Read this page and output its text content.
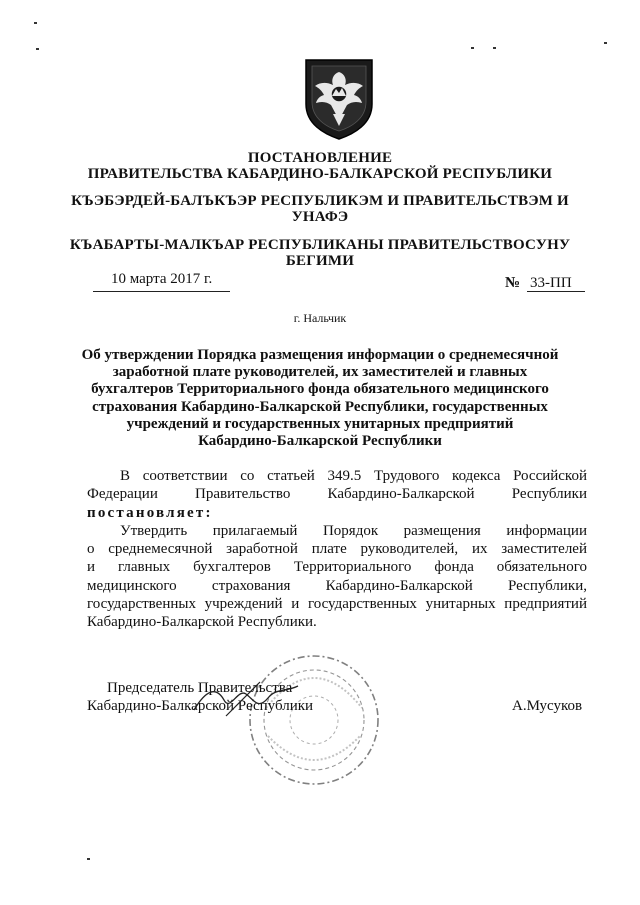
ПОСТАНОВЛЕНИЕ
ПРАВИТЕЛЬСТВА КАБАРДИНО-БАЛКАРСКОЙ РЕСПУБЛИКИ
КЪЭБЭРДЕЙ-БАЛЪКЪЭР РЕСПУБЛИКЭМ И ПРАВИТЕЛЬСТВЭМ И
УНАФЭ
КЪАБАРТЫ-МАЛКЪАР РЕСПУБЛИКАНЫ ПРАВИТЕЛЬСТВОСУНУ
БЕГИМИ
10 марта 2017 г.	№ 33-ПП
г. Нальчик
Об утверждении Порядка размещения информации о среднемесячной
заработной плате руководителей, их заместителей и главных
бухгалтеров Территориального фонда обязательного медицинского
страхования Кабардино-Балкарской Республики, государственных
учреждений и государственных унитарных предприятий
Кабардино-Балкарской Республики
В соответствии со статьей 349.5 Трудового кодекса Российской
Федерации Правительство Кабардино-Балкарской Республики
постановляет:
Утвердить прилагаемый Порядок размещения информации
о среднемесячной заработной плате руководителей, их заместителей
и главных бухгалтеров Территориального фонда обязательного
медицинского страхования Кабардино-Балкарской Республики,
государственных учреждений и государственных унитарных предприятий
Кабардино-Балкарской Республики.
Председатель Правительства
Кабардино-Балкарской Республики	А.Мусуков
